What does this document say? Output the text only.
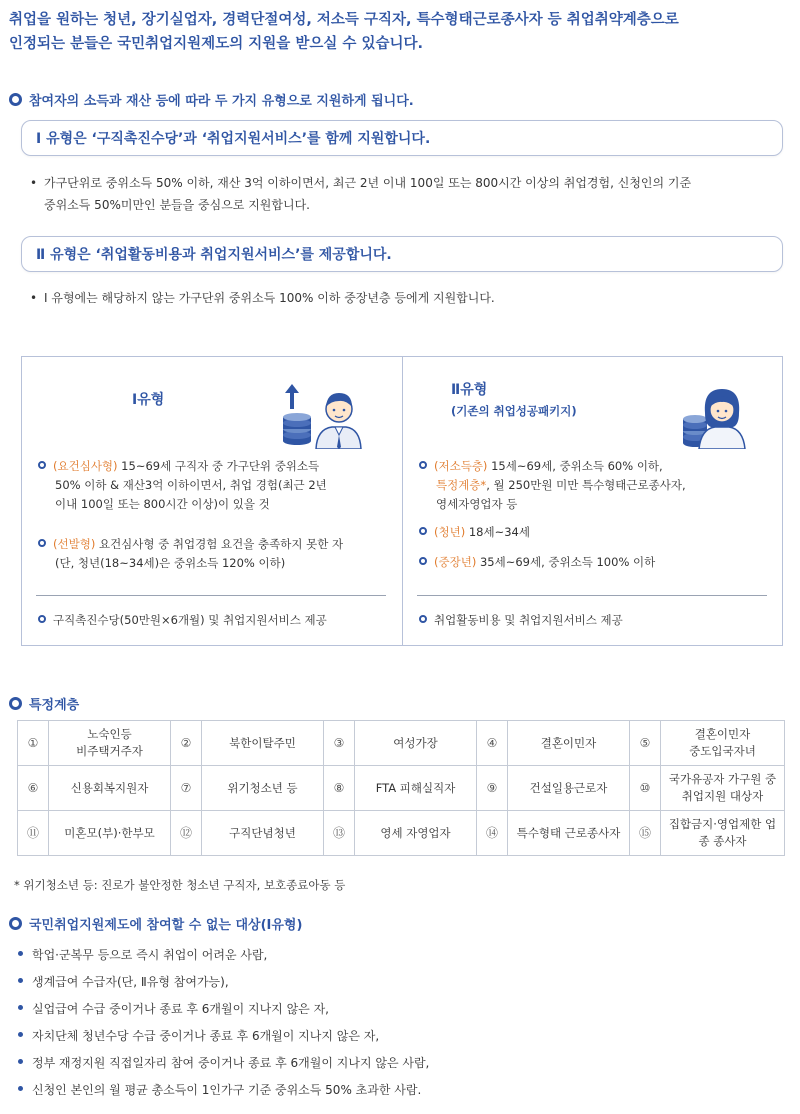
취업을 원하는 청년, 장기실업자, 경력단절여성, 저소득 구직자, 특수형태근로종사자 등 취업취약계층으로
인정되는 분들은 국민취업지원제도의 지원을 받으실 수 있습니다.
참여자의 소득과 재산 등에 따라 두 가지 유형으로 지원하게 됩니다.
Ⅰ 유형은 ‘구직촉진수당’과 ‘취업지원서비스’를 함께 지원합니다.
• 가구단위로 중위소득 50% 이하, 재산 3억 이하이면서, 최근 2년 이내 100일 또는 800시간 이상의 취업경험, 신청인의 기준
중위소득 50%미만인 분들을 중심으로 지원합니다.
Ⅱ 유형은 ‘취업활동비용과 취업지원서비스’를 제공합니다.
• Ⅰ 유형에는 해당하지 않는 가구단위 중위소득 100% 이하 중장년층 등에게 지원합니다.
Ⅰ유형
(요건심사형) 15~69세 구직자 중 가구단위 중위소득
50% 이하 & 재산3억 이하이면서, 취업 경험(최근 2년
이내 100일 또는 800시간 이상)이 있을 것
(선발형) 요건심사형 중 취업경험 요건을 충족하지 못한 자
(단, 청년(18~34세)은 중위소득 120% 이하)
구직촉진수당(50만원×6개월) 및 취업지원서비스 제공
Ⅱ유형
(기존의 취업성공패키지)
(저소득층) 15세~69세, 중위소득 60% 이하,
특정계층*, 월 250만원 미만 특수형태근로종사자,
영세자영업자 등
(청년) 18세~34세
(중장년) 35세~69세, 중위소득 100% 이하
취업활동비용 및 취업지원서비스 제공
특정계층
①	노숙인등
비주택거주자	②	북한이탈주민	③	여성가장	④	결혼이민자	⑤	결혼이민자
중도입국자녀
⑥	신용회복지원자	⑦	위기청소년 등	⑧	FTA 피해실직자	⑨	건설일용근로자	⑩	국가유공자 가구원 중
취업지원 대상자
⑪	미혼모(부)·한부모	⑫	구직단념청년	⑬	영세 자영업자	⑭	특수형태 근로종사자	⑮	집합금지·영업제한 업
종 종사자
* 위기청소년 등: 진로가 불안정한 청소년 구직자, 보호종료아동 등
국민취업지원제도에 참여할 수 없는 대상(Ⅰ유형)
학업·군복무 등으로 즉시 취업이 어려운 사람,
생계급여 수급자(단, Ⅱ유형 참여가능),
실업급여 수급 중이거나 종료 후 6개월이 지나지 않은 자,
자치단체 청년수당 수급 중이거나 종료 후 6개월이 지나지 않은 자,
정부 재정지원 직접일자리 참여 중이거나 종료 후 6개월이 지나지 않은 사람,
신청인 본인의 월 평균 총소득이 1인가구 기준 중위소득 50% 초과한 사람.
